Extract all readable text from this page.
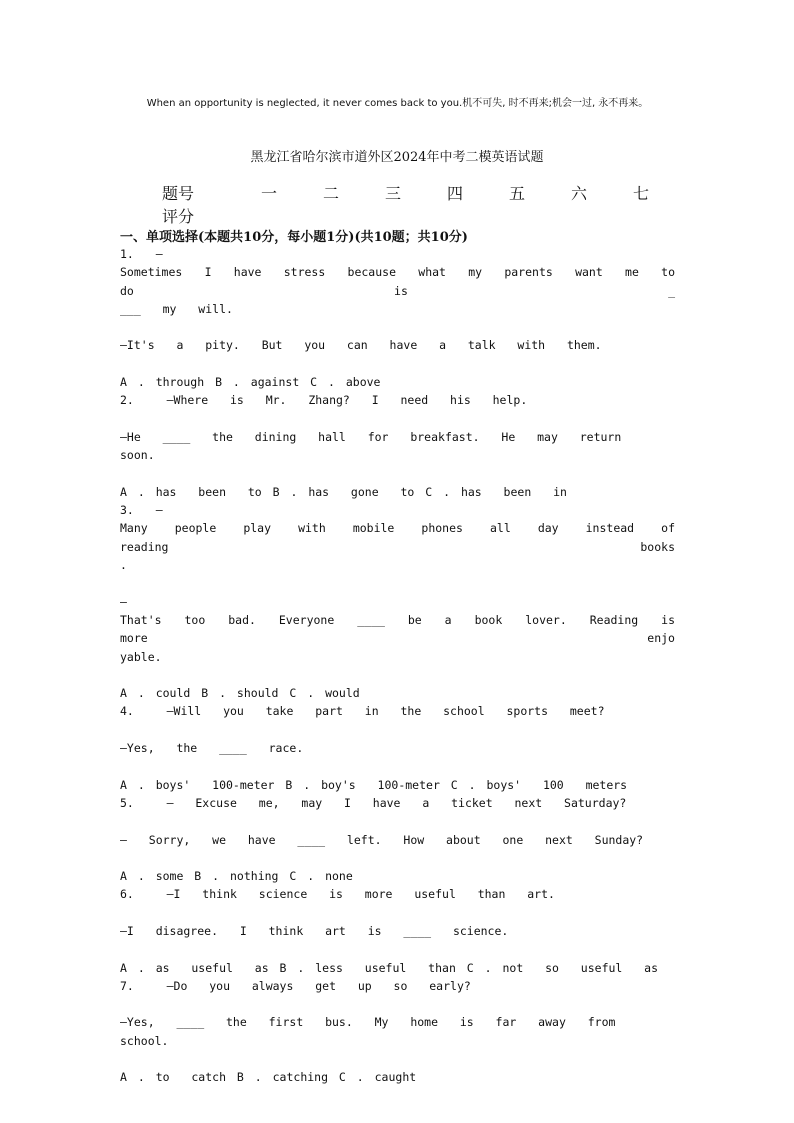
When an opportunity is neglected, it never comes back to you.机不可失, 时不再来;机会一过, 永不再来。
黑龙江省哈尔滨市道外区2024年中考二模英语试题
题号	一	二	三	四	五	六	七
评分
一、单项选择(本题共10分，每小题1分)(共10题；共10分)
1.  —
Sometimes  I  have  stress  because  what  my  parents  want  me  to  do  is  _
___  my  will.
—It's  a  pity.  But  you  can  have  a  talk  with  them.
A . through B . against C . above
2.   —Where  is  Mr.  Zhang?  I  need  his  help.
—He  ____  the  dining  hall  for  breakfast.  He  may  return  soon.
A . has  been  to B . has  gone  to C . has  been  in
3.  —
Many  people  play  with  mobile  phones  all  day  instead  of  reading  books
.
—
That's  too  bad.  Everyone  ____  be  a  book  lover.  Reading  is  more  enjo
yable.
A . could B . should C . would
4.   —Will  you  take  part  in  the  school  sports  meet?
—Yes,  the  ____  race.
A . boys'  100-meter B . boy's  100-meter C . boys'  100  meters
5.   —  Excuse  me,  may  I  have  a  ticket  next  Saturday?
—  Sorry,  we  have  ____  left.  How  about  one  next  Sunday?
A . some B . nothing C . none
6.   —I  think  science  is  more  useful  than  art.
—I  disagree.  I  think  art  is  ____  science.
A . as  useful  as B . less  useful  than C . not  so  useful  as
7.   —Do  you  always  get  up  so  early?
—Yes,  ____  the  first  bus.  My  home  is  far  away  from  school.
A . to  catch B . catching C . caught
